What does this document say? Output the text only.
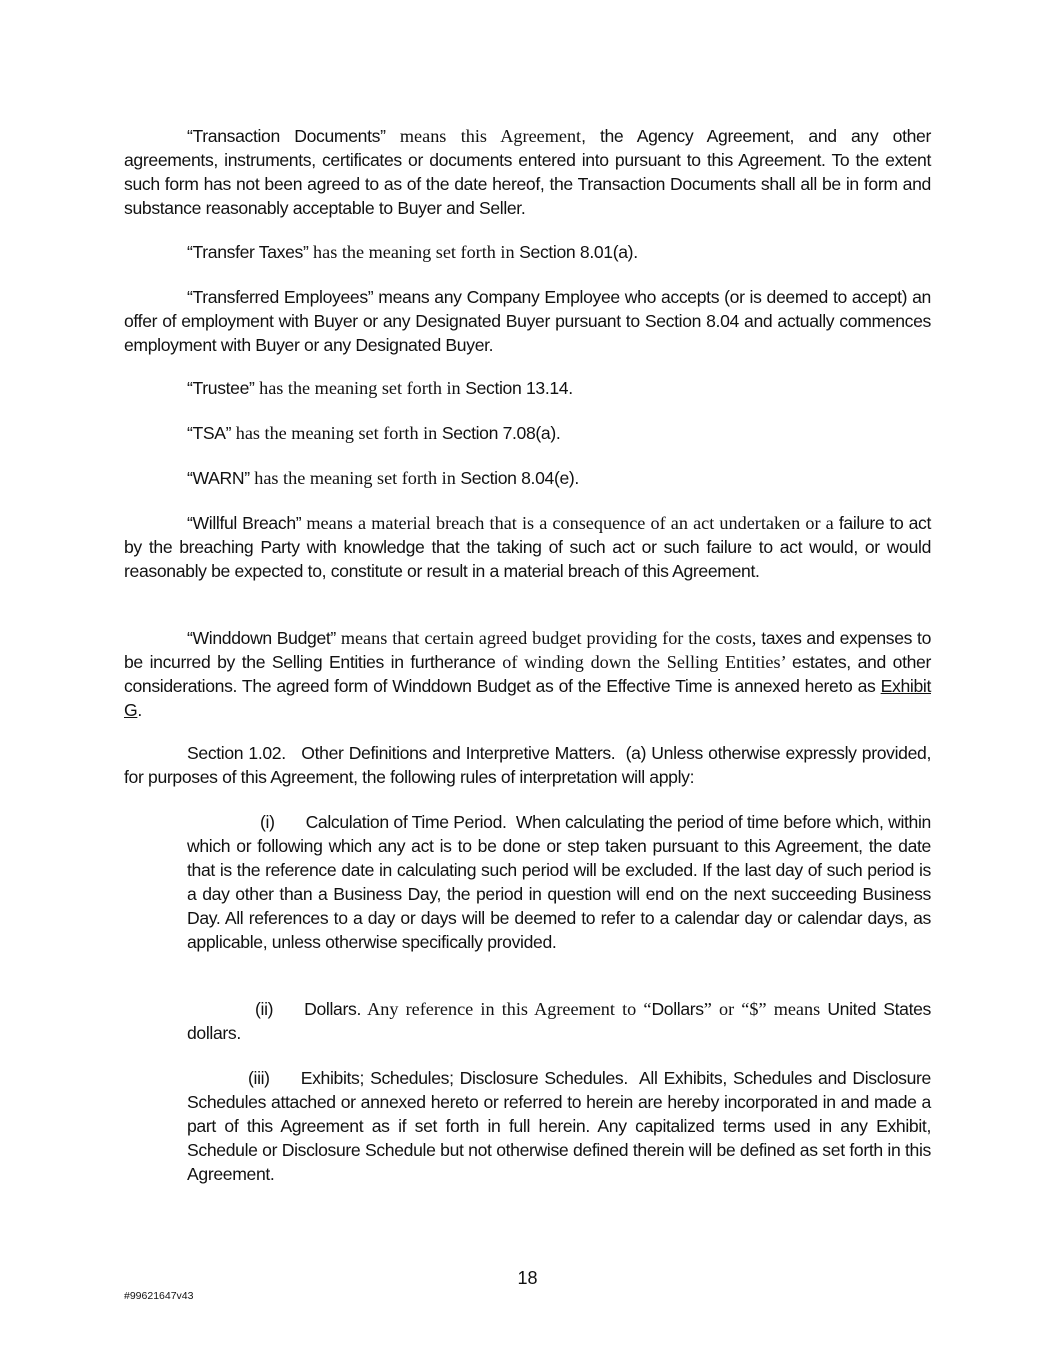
“Transaction Documents” means this Agreement, the Agency Agreement, and any other agreements, instruments, certificates or documents entered into pursuant to this Agreement. To the extent such form has not been agreed to as of the date hereof, the Transaction Documents shall all be in form and substance reasonably acceptable to Buyer and Seller.
“Transfer Taxes” has the meaning set forth in Section 8.01(a).
“Transferred Employees” means any Company Employee who accepts (or is deemed to accept) an offer of employment with Buyer or any Designated Buyer pursuant to Section 8.04 and actually commences employment with Buyer or any Designated Buyer.
“Trustee” has the meaning set forth in Section 13.14.
“TSA” has the meaning set forth in Section 7.08(a).
“WARN” has the meaning set forth in Section 8.04(e).
“Willful Breach” means a material breach that is a consequence of an act undertaken or a failure to act by the breaching Party with knowledge that the taking of such act or such failure to act would, or would reasonably be expected to, constitute or result in a material breach of this Agreement.
“Winddown Budget” means that certain agreed budget providing for the costs, taxes and expenses to be incurred by the Selling Entities in furtherance of winding down the Selling Entities’ estates, and other considerations. The agreed form of Winddown Budget as of the Effective Time is annexed hereto as Exhibit G.
Section 1.02. Other Definitions and Interpretive Matters. (a) Unless otherwise expressly provided, for purposes of this Agreement, the following rules of interpretation will apply:
(i) Calculation of Time Period. When calculating the period of time before which, within which or following which any act is to be done or step taken pursuant to this Agreement, the date that is the reference date in calculating such period will be excluded. If the last day of such period is a day other than a Business Day, the period in question will end on the next succeeding Business Day. All references to a day or days will be deemed to refer to a calendar day or calendar days, as applicable, unless otherwise specifically provided.
(ii) Dollars. Any reference in this Agreement to “Dollars” or “$” means United States dollars.
(iii) Exhibits; Schedules; Disclosure Schedules. All Exhibits, Schedules and Disclosure Schedules attached or annexed hereto or referred to herein are hereby incorporated in and made a part of this Agreement as if set forth in full herein. Any capitalized terms used in any Exhibit, Schedule or Disclosure Schedule but not otherwise defined therein will be defined as set forth in this Agreement.
18
#99621647v43
